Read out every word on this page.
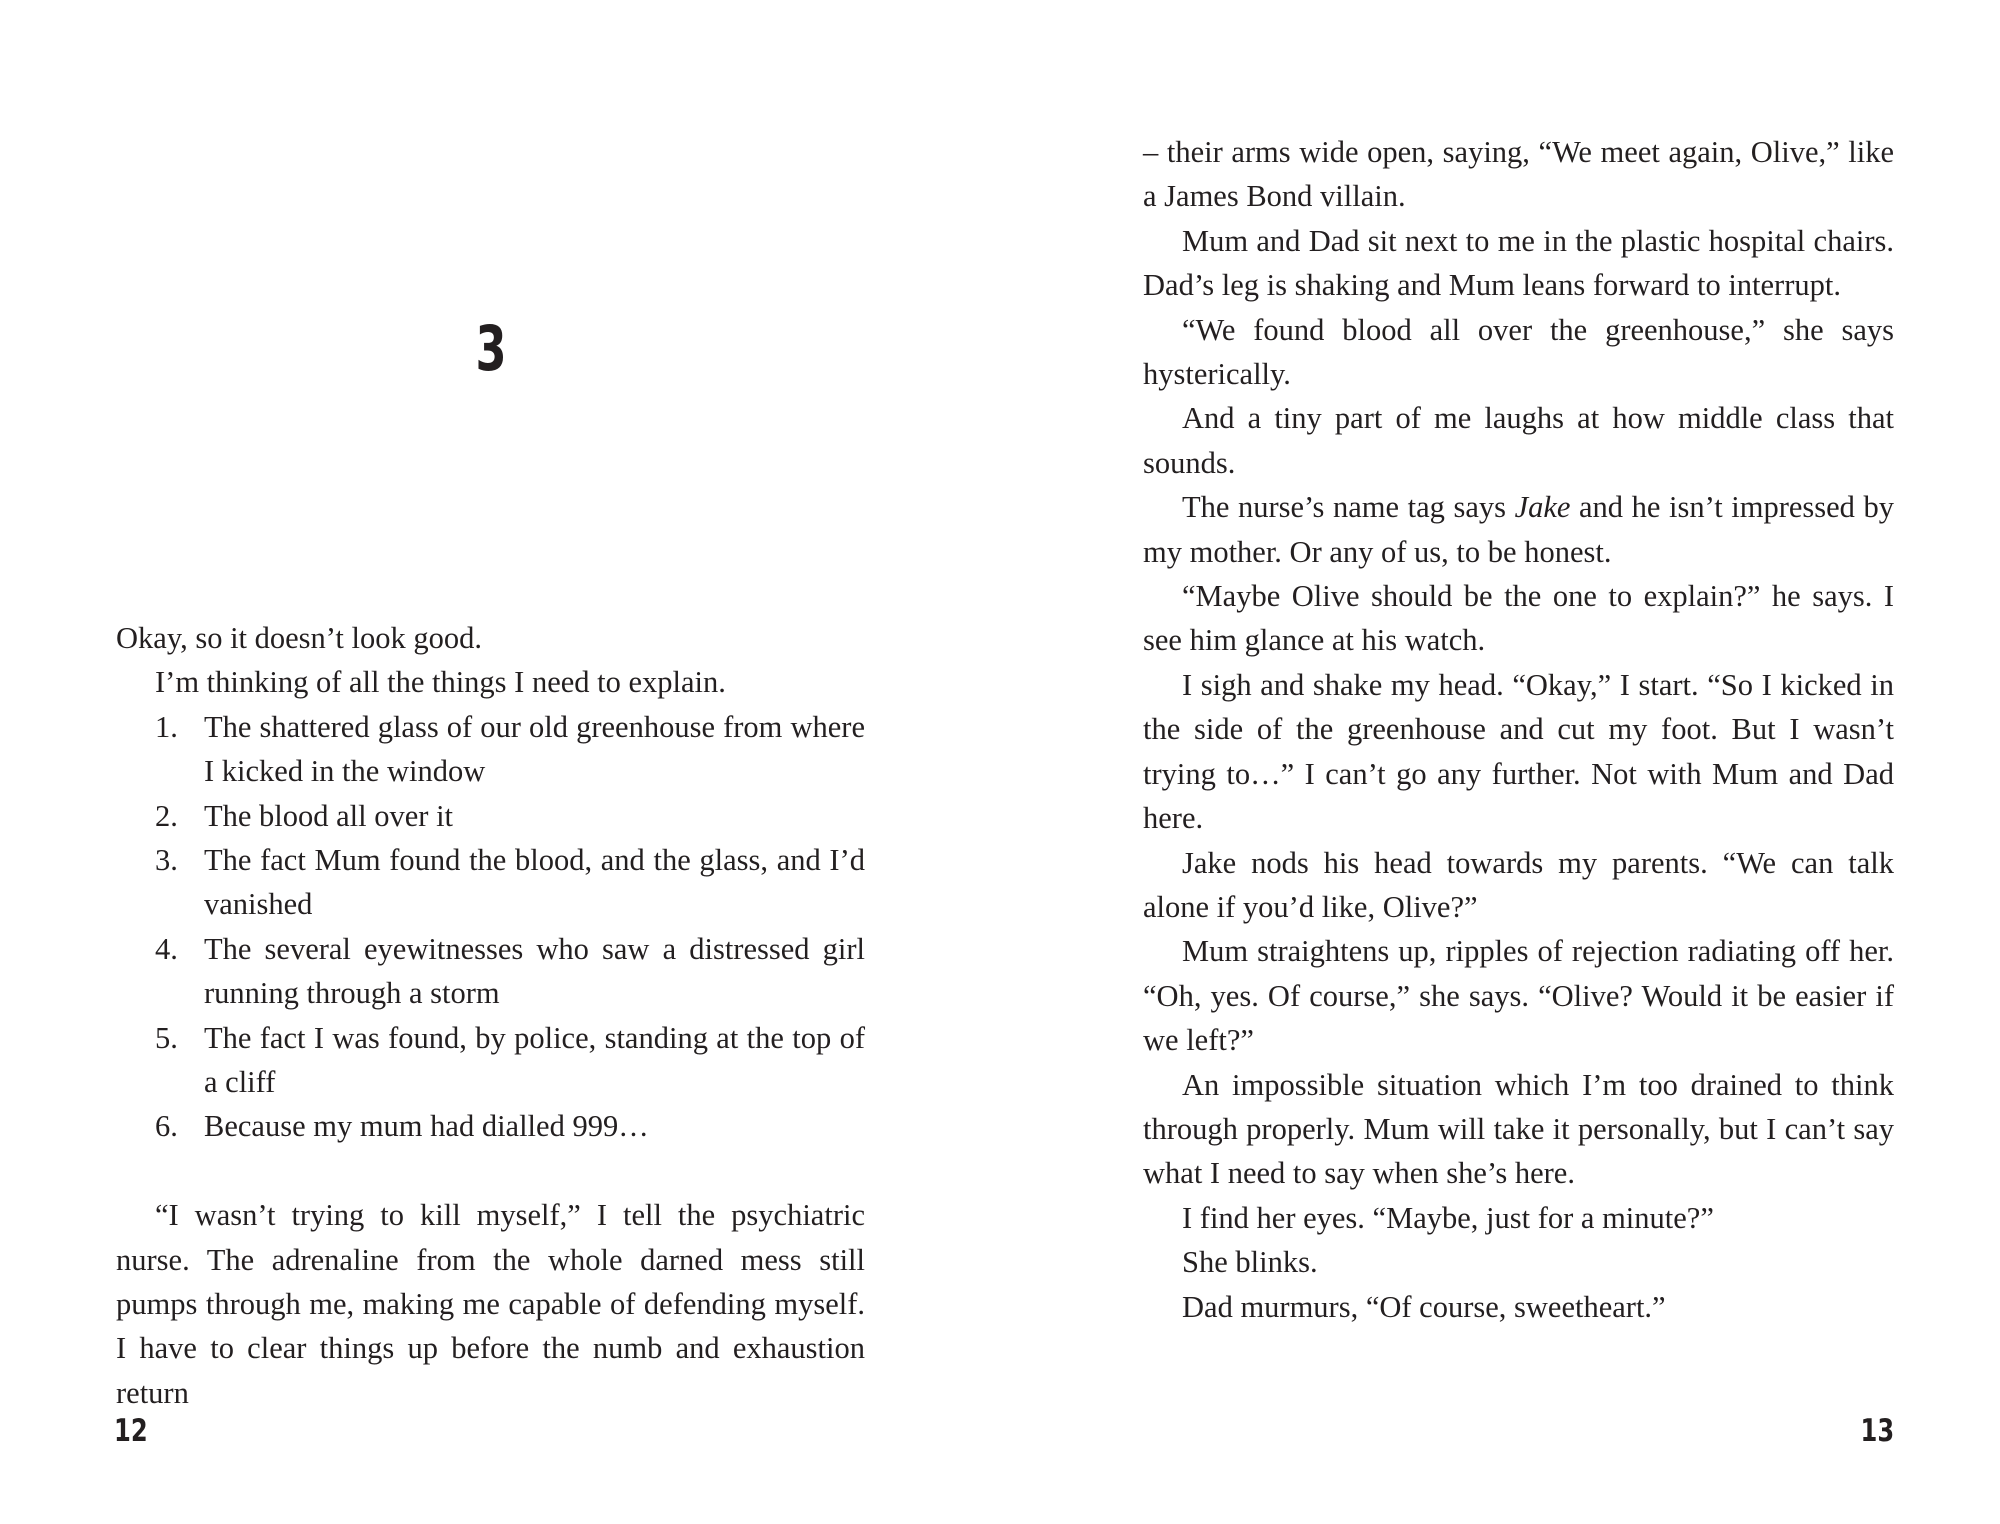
3

Okay, so it doesn’t look good.

I’m thinking of all the things I need to explain.

1. The shattered glass of our old greenhouse from where I kicked in the window
2. The blood all over it
3. The fact Mum found the blood, and the glass, and I’d vanished
4. The several eyewitnesses who saw a distressed girl running through a storm
5. The fact I was found, by police, standing at the top of a cliff
6. Because my mum had dialled 999…

“I wasn’t trying to kill myself,” I tell the psychiatric nurse. The adrenaline from the whole darned mess still pumps through me, making me capable of defending myself. I have to clear things up before the numb and exhaustion return

12

– their arms wide open, saying, “We meet again, Olive,” like a James Bond villain.

Mum and Dad sit next to me in the plastic hospital chairs. Dad’s leg is shaking and Mum leans forward to interrupt.

“We found blood all over the greenhouse,” she says hysterically.

And a tiny part of me laughs at how middle class that sounds.

The nurse’s name tag says Jake and he isn’t impressed by my mother. Or any of us, to be honest.

“Maybe Olive should be the one to explain?” he says. I see him glance at his watch.

I sigh and shake my head. “Okay,” I start. “So I kicked in the side of the greenhouse and cut my foot. But I wasn’t trying to…” I can’t go any further. Not with Mum and Dad here.

Jake nods his head towards my parents. “We can talk alone if you’d like, Olive?”

Mum straightens up, ripples of rejection radiating off her. “Oh, yes. Of course,” she says. “Olive? Would it be easier if we left?”

An impossible situation which I’m too drained to think through properly. Mum will take it personally, but I can’t say what I need to say when she’s here.

I find her eyes. “Maybe, just for a minute?”

She blinks.

Dad murmurs, “Of course, sweetheart.”

13
